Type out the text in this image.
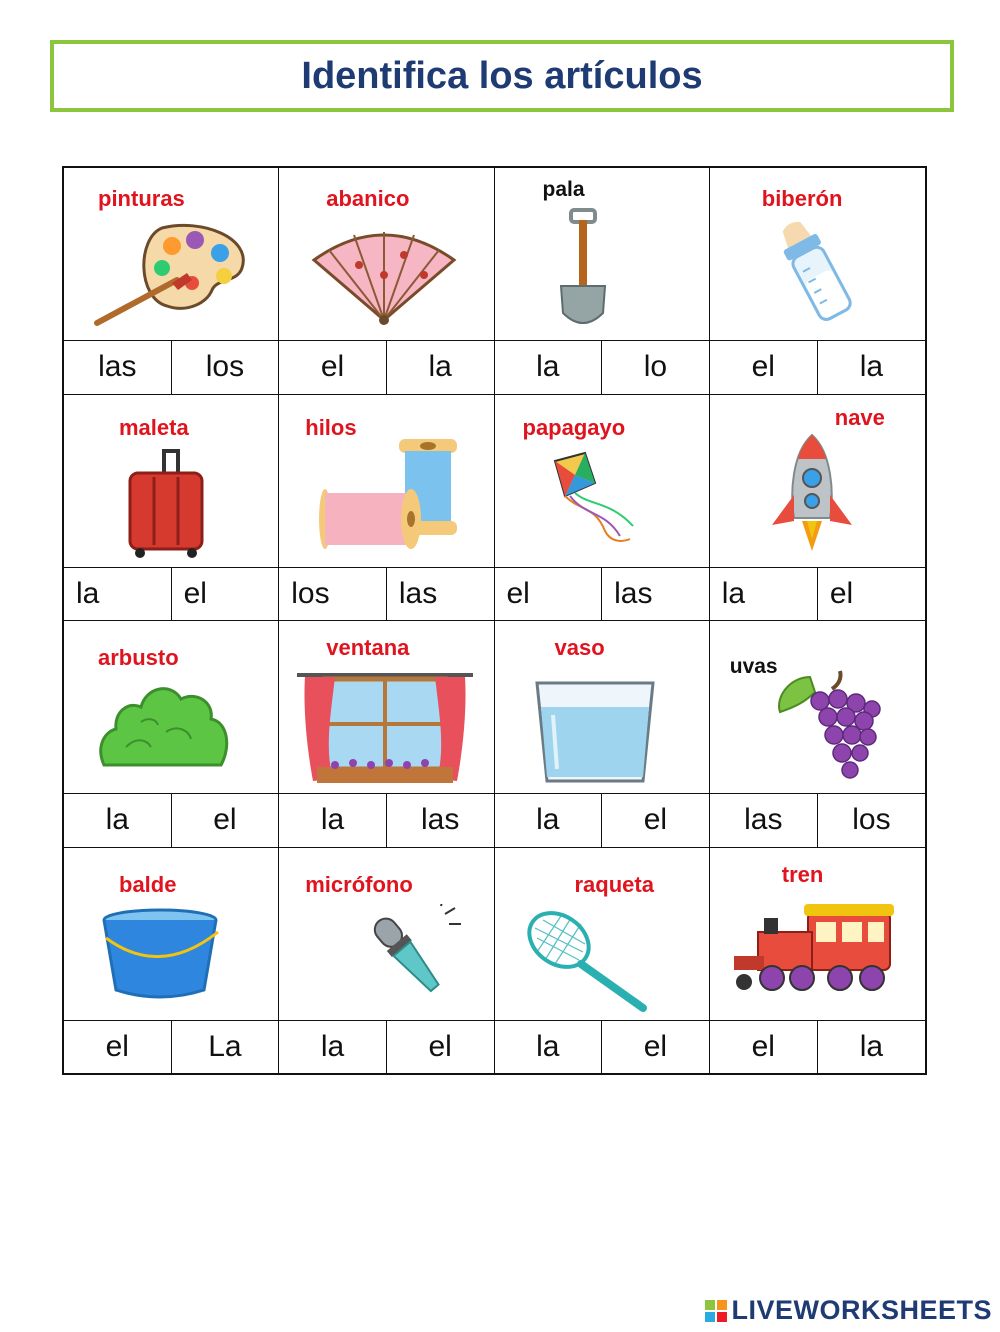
Identifica los artículos
pinturas
las	los
abanico
el	la
pala
la	lo
biberón
el	la
maleta
la	el
hilos
los	las
papagayo
el	las
nave
la	el
arbusto
la	el
ventana
la	las
vaso
la	el
uvas
las	los
balde
el	La
micrófono
la	el
raqueta
la	el
tren
el	la
LIVEWORKSHEETS
